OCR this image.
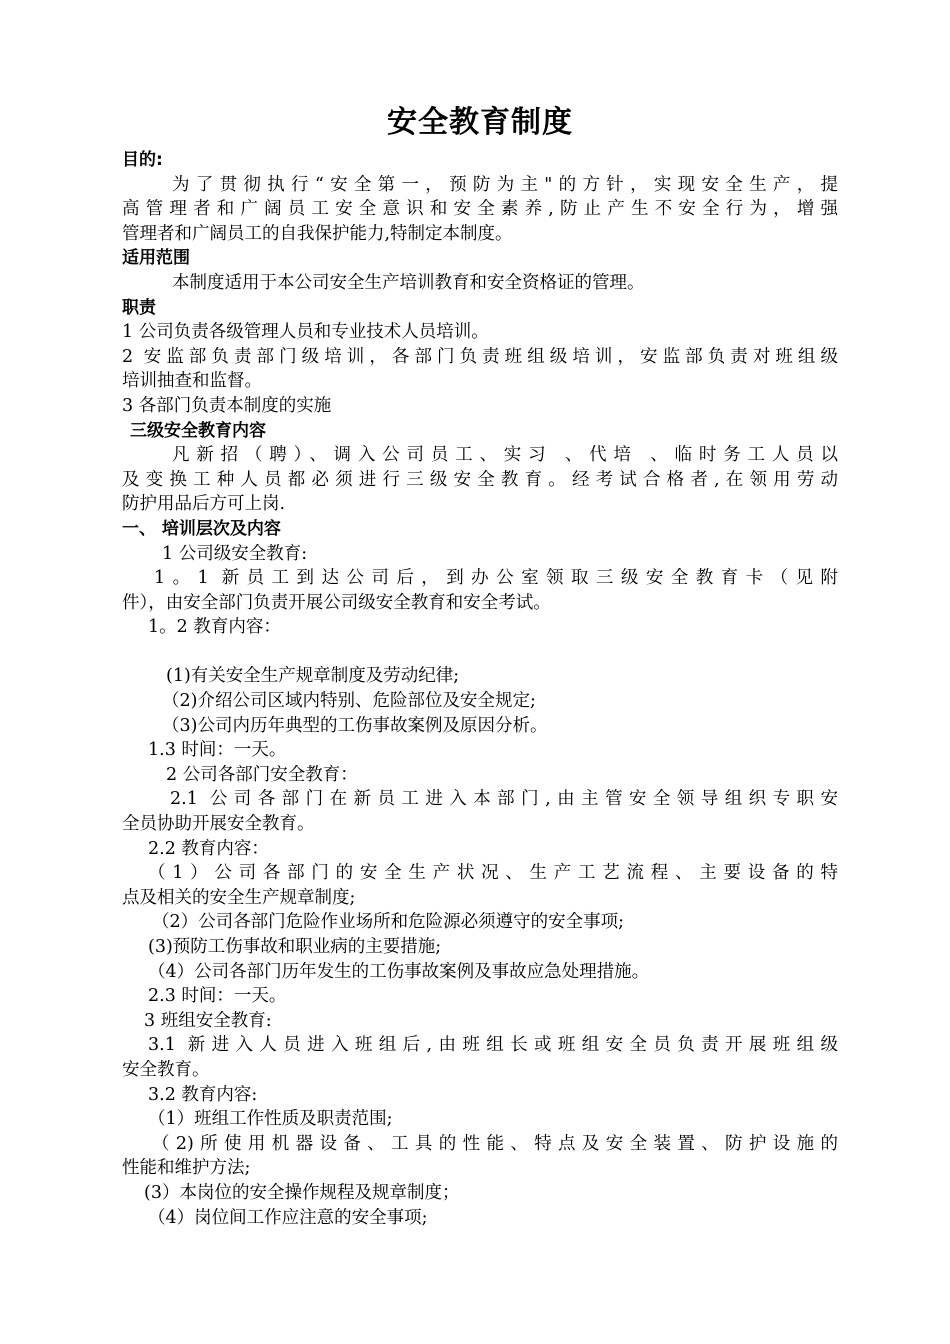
安全教育制度

目的:

为了贯彻执行“安全第一，预防为主"的方针，实现安全生产，提

高管理者和广阔员工安全意识和安全素养,防止产生不安全行为，增强

管理者和广阔员工的自我保护能力,特制定本制度。

适用范围

本制度适用于本公司安全生产培训教育和安全资格证的管理。

职责

1 公司负责各级管理人员和专业技术人员培训。

2 安监部负责部门级培训，各部门负责班组级培训，安监部负责对班组级

培训抽查和监督。

3 各部门负责本制度的实施

三级安全教育内容

凡新招（聘）、调入公司员工、实习 、代培 、临时务工人员以

及变换工种人员都必须进行三级安全教育。经考试合格者,在领用劳动

防护用品后方可上岗.

一、 培训层次及内容

1 公司级安全教育:

1。1 新员工到达公司后，到办公室领取三级安全教育卡（见附

件），由安全部门负责开展公司级安全教育和安全考试。

1。2 教育内容：

(1)有关安全生产规章制度及劳动纪律;

（2)介绍公司区域内特别、危险部位及安全规定;

（3)公司内历年典型的工伤事故案例及原因分析。

1.3 时间：一天。

2 公司各部门安全教育：

2.1 公司各部门在新员工进入本部门,由主管安全领导组织专职安

全员协助开展安全教育。

2.2 教育内容：

（1）公司各部门的安全生产状况、生产工艺流程、主要设备的特

点及相关的安全生产规章制度;

（2）公司各部门危险作业场所和危险源必须遵守的安全事项;

(3)预防工伤事故和职业病的主要措施;

（4）公司各部门历年发生的工伤事故案例及事故应急处理措施。

2.3 时间：一天。

3 班组安全教育:

3.1 新进入人员进入班组后,由班组长或班组安全员负责开展班组级

安全教育。

3.2 教育内容:

（1）班组工作性质及职责范围;

（2)所使用机器设备、工具的性能、特点及安全装置、防护设施的

性能和维护方法;

(3）本岗位的安全操作规程及规章制度；

（4）岗位间工作应注意的安全事项;
